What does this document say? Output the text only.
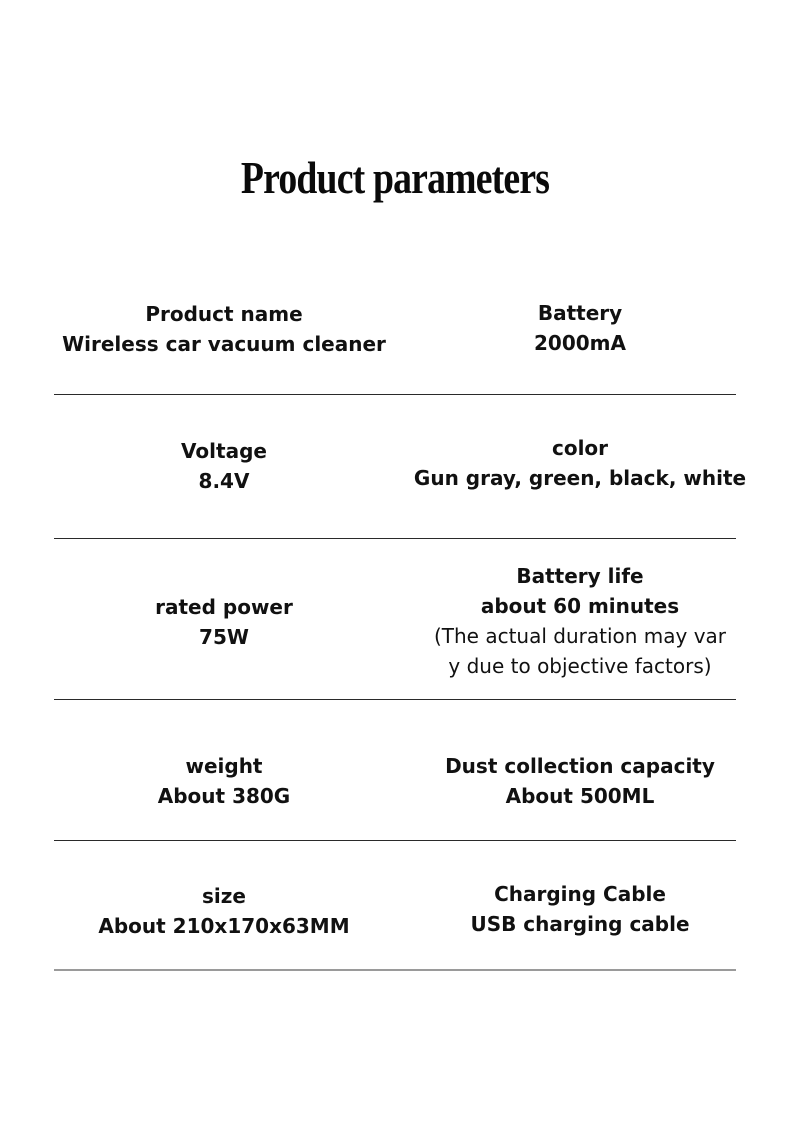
Product parameters
Product name
Wireless car vacuum cleaner
Battery
2000mA
Voltage
8.4V
color
Gun gray, green, black, white
rated power
75W
Battery life
about 60 minutes
(The actual duration may var
y due to objective factors)
weight
About 380G
Dust collection capacity
About 500ML
size
About 210x170x63MM
Charging Cable
USB charging cable
